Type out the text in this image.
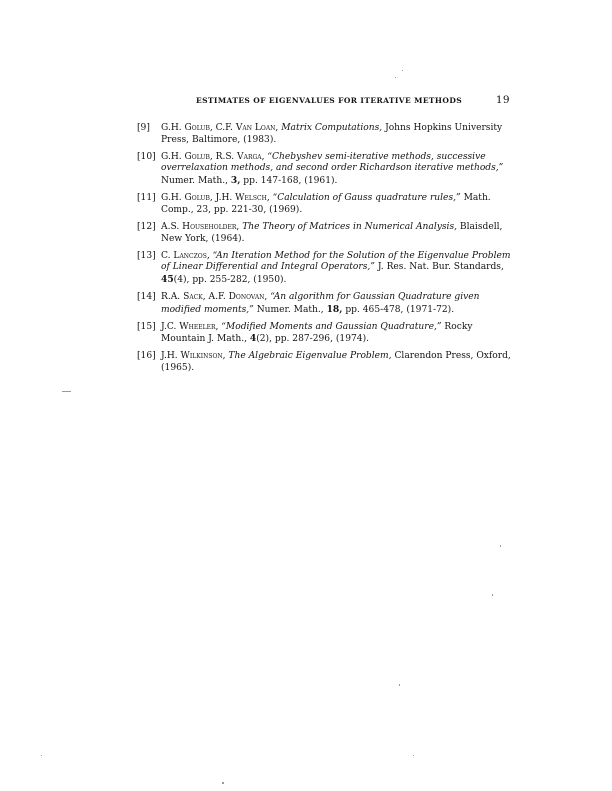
ESTIMATES OF EIGENVALUES FOR ITERATIVE METHODS	19
[9] G.H. Golub, C.F. Van Loan, Matrix Computations, Johns Hopkins University Press, Baltimore, (1983).
[10] G.H. Golub, R.S. Varga, “Chebyshev semi-iterative methods, successive overrelaxation methods, and second order Richardson iterative methods,” Numer. Math., 3, pp. 147-168, (1961).
[11] G.H. Golub, J.H. Welsch, “Calculation of Gauss quadrature rules,” Math. Comp., 23, pp. 221-30, (1969).
[12] A.S. Householder, The Theory of Matrices in Numerical Analysis, Blaisdell, New York, (1964).
[13] C. Lanczos, “An Iteration Method for the Solution of the Eigenvalue Problem of Linear Differential and Integral Operators,” J. Res. Nat. Bur. Standards, 45(4), pp. 255-282, (1950).
[14] R.A. Sack, A.F. Donovan, “An algorithm for Gaussian Quadrature given modified moments,” Numer. Math., 18, pp. 465-478, (1971-72).
[15] J.C. Wheeler, “Modified Moments and Gaussian Quadrature,” Rocky Mountain J. Math., 4(2), pp. 287-296, (1974).
[16] J.H. Wilkinson, The Algebraic Eigenvalue Problem, Clarendon Press, Oxford, (1965).
